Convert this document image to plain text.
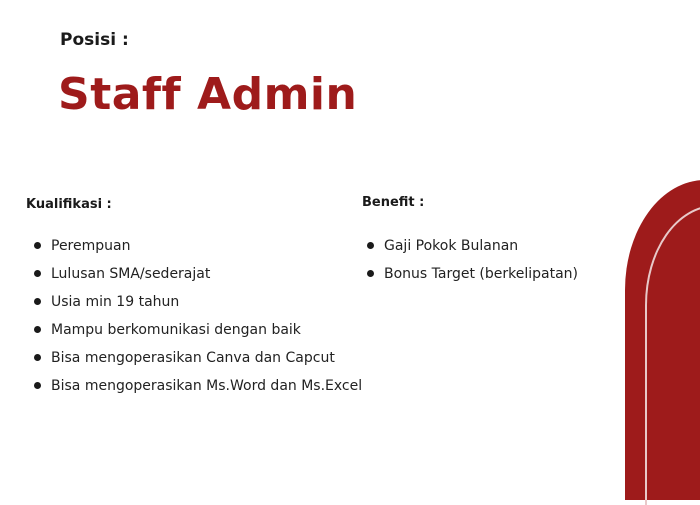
Posisi :
Staff Admin
Kualifikasi :
Perempuan
Lulusan SMA/sederajat
Usia min 19 tahun
Mampu berkomunikasi dengan baik
Bisa mengoperasikan Canva dan Capcut
Bisa mengoperasikan Ms.Word dan Ms.Excel
Benefit :
Gaji Pokok Bulanan
Bonus Target (berkelipatan)
